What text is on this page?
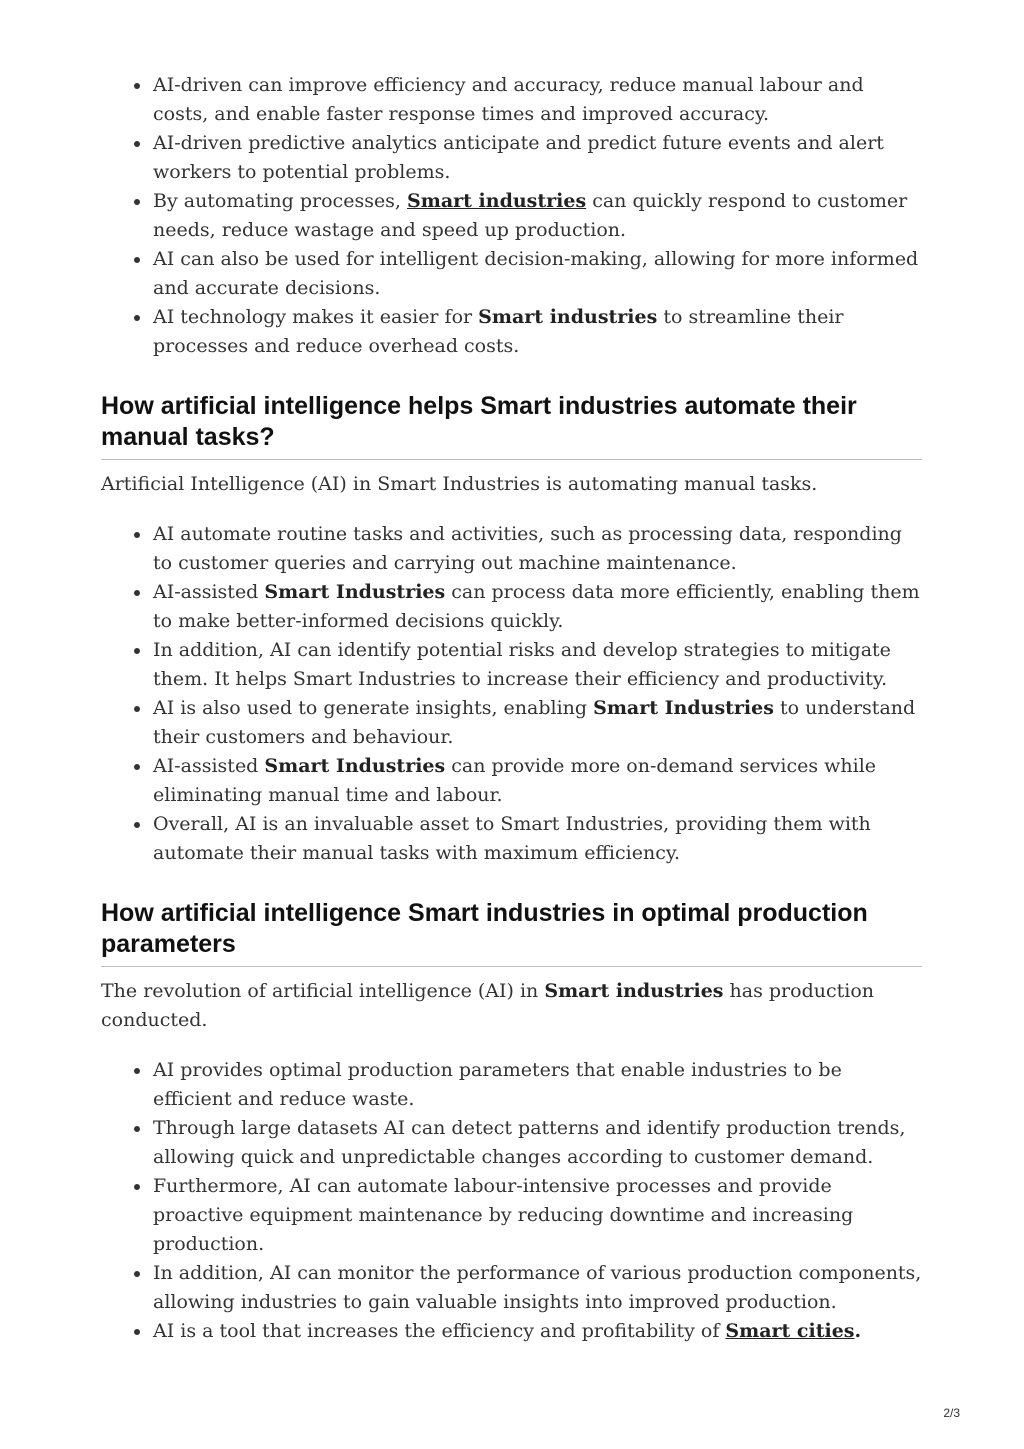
AI-driven can improve efficiency and accuracy, reduce manual labour and costs, and enable faster response times and improved accuracy.
AI-driven predictive analytics anticipate and predict future events and alert workers to potential problems.
By automating processes, Smart industries can quickly respond to customer needs, reduce wastage and speed up production.
AI can also be used for intelligent decision-making, allowing for more informed and accurate decisions.
AI technology makes it easier for Smart industries to streamline their processes and reduce overhead costs.
How artificial intelligence helps Smart industries automate their manual tasks?

Artificial Intelligence (AI) in Smart Industries is automating manual tasks.

AI automate routine tasks and activities, such as processing data, responding to customer queries and carrying out machine maintenance.
AI-assisted Smart Industries can process data more efficiently, enabling them to make better-informed decisions quickly.
In addition, AI can identify potential risks and develop strategies to mitigate them. It helps Smart Industries to increase their efficiency and productivity.
AI is also used to generate insights, enabling Smart Industries to understand their customers and behaviour.
AI-assisted Smart Industries can provide more on-demand services while eliminating manual time and labour.
Overall, AI is an invaluable asset to Smart Industries, providing them with automate their manual tasks with maximum efficiency.
How artificial intelligence Smart industries in optimal production parameters

The revolution of artificial intelligence (AI) in Smart industries has production conducted.

AI provides optimal production parameters that enable industries to be efficient and reduce waste.
Through large datasets AI can detect patterns and identify production trends, allowing quick and unpredictable changes according to customer demand.
Furthermore, AI can automate labour-intensive processes and provide proactive equipment maintenance by reducing downtime and increasing production.
In addition, AI can monitor the performance of various production components, allowing industries to gain valuable insights into improved production.
AI is a tool that increases the efficiency and profitability of Smart cities.
2/3
